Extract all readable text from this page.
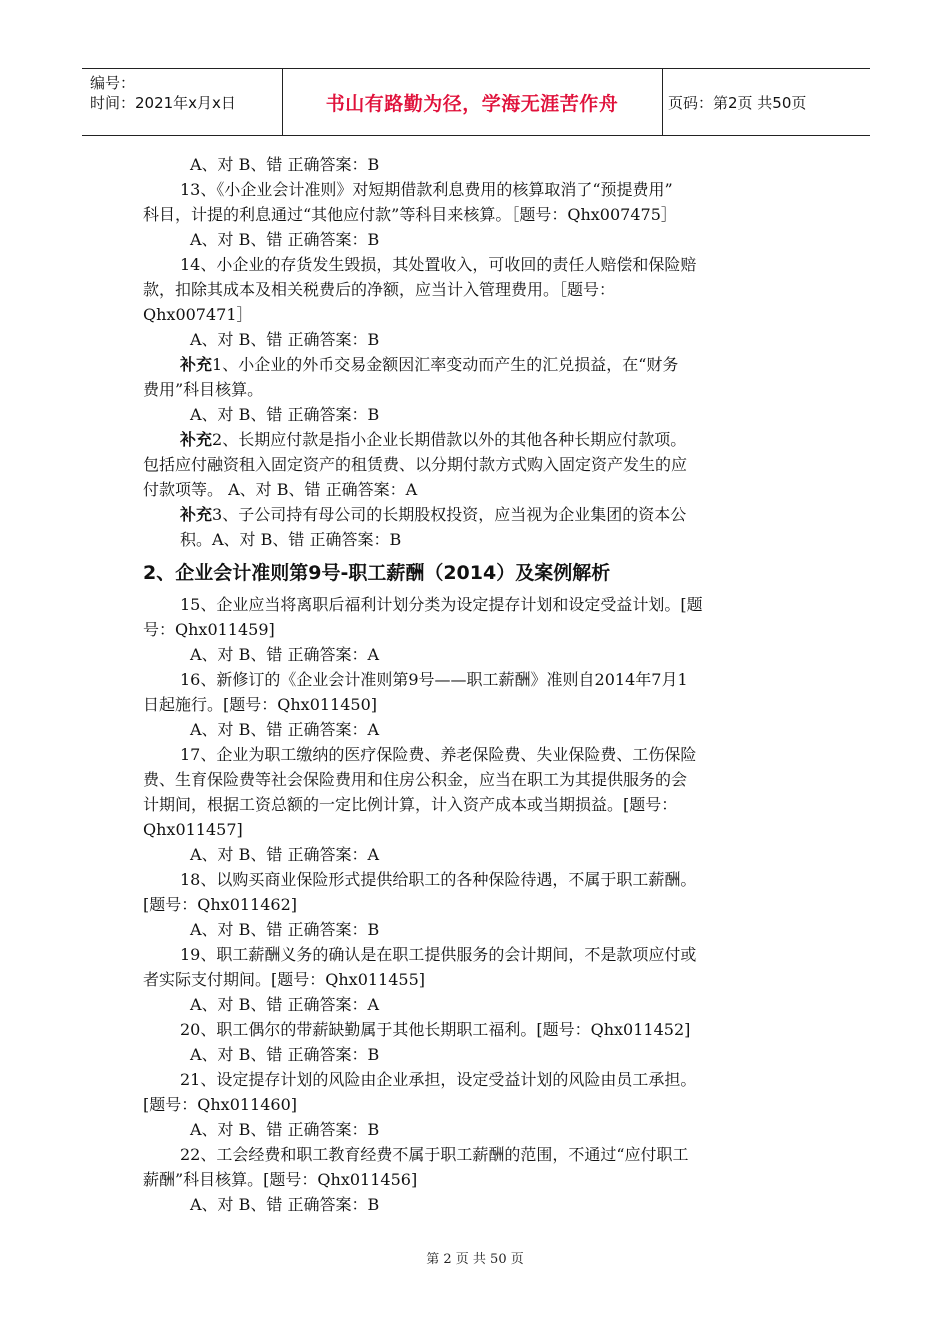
编号：
时间：2021年x月x日	书山有路勤为径，学海无涯苦作舟	页码：第2页 共50页
A、对 B、错 正确答案：B
13、《小企业会计准则》对短期借款利息费用的核算取消了“预提费用”
科目，计提的利息通过“其他应付款”等科目来核算。［题号：Qhx007475］
A、对 B、错 正确答案：B
14、小企业的存货发生毁损，其处置收入，可收回的责任人赔偿和保险赔
款，扣除其成本及相关税费后的净额，应当计入管理费用。［题号：
Qhx007471］
A、对 B、错 正确答案：B
补充1、小企业的外币交易金额因汇率变动而产生的汇兑损益，在“财务
费用”科目核算。
A、对 B、错 正确答案：B
补充2、长期应付款是指小企业长期借款以外的其他各种长期应付款项。
包括应付融资租入固定资产的租赁费、以分期付款方式购入固定资产发生的应
付款项等。 A、对 B、错 正确答案：A
补充3、子公司持有母公司的长期股权投资，应当视为企业集团的资本公
积。A、对 B、错 正确答案：B
2、企业会计准则第9号-职工薪酬（2014）及案例解析
15、企业应当将离职后福利计划分类为设定提存计划和设定受益计划。[题
号：Qhx011459]
A、对 B、错 正确答案：A
16、新修订的《企业会计准则第9号——职工薪酬》准则自2014年7月1
日起施行。[题号：Qhx011450]
A、对 B、错 正确答案：A
17、企业为职工缴纳的医疗保险费、养老保险费、失业保险费、工伤保险
费、生育保险费等社会保险费用和住房公积金，应当在职工为其提供服务的会
计期间，根据工资总额的一定比例计算，计入资产成本或当期损益。[题号：
Qhx011457]
A、对 B、错 正确答案：A
18、以购买商业保险形式提供给职工的各种保险待遇，不属于职工薪酬。
[题号：Qhx011462]
A、对 B、错 正确答案：B
19、职工薪酬义务的确认是在职工提供服务的会计期间，不是款项应付或
者实际支付期间。[题号：Qhx011455]
A、对 B、错 正确答案：A
20、职工偶尔的带薪缺勤属于其他长期职工福利。[题号：Qhx011452]
A、对 B、错 正确答案：B
21、设定提存计划的风险由企业承担，设定受益计划的风险由员工承担。
[题号：Qhx011460]
A、对 B、错 正确答案：B
22、工会经费和职工教育经费不属于职工薪酬的范围，不通过“应付职工
薪酬”科目核算。[题号：Qhx011456]
A、对 B、错 正确答案：B
第 2 页 共 50 页
